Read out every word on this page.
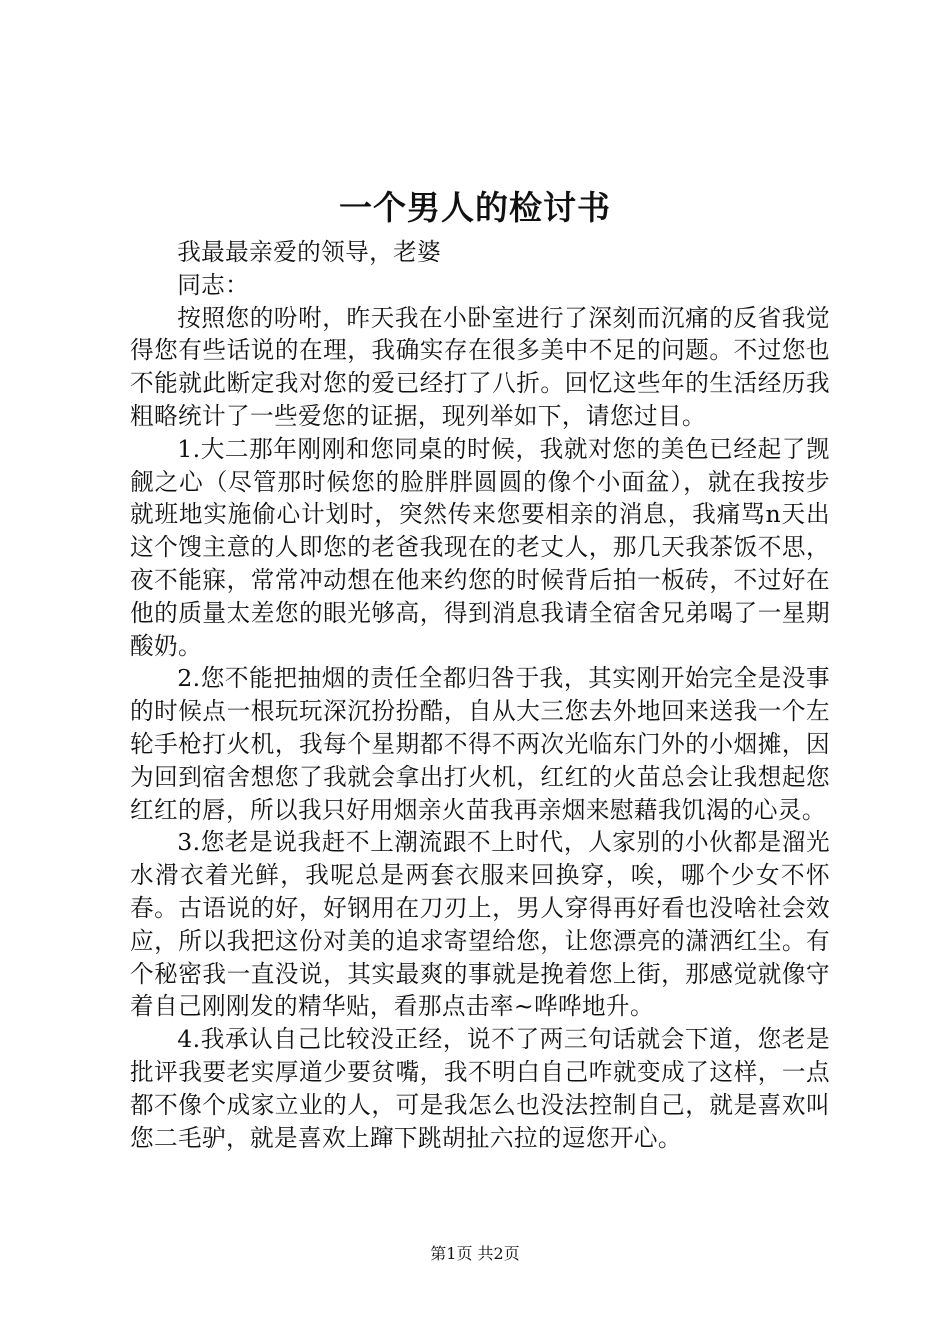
一个男人的检讨书

我最最亲爱的领导，老婆

同志：

按照您的吩咐，昨天我在小卧室进行了深刻而沉痛的反省我觉得您有些话说的在理，我确实存在很多美中不足的问题。不过您也不能就此断定我对您的爱已经打了八折。回忆这些年的生活经历我粗略统计了一些爱您的证据，现列举如下，请您过目。

1.大二那年刚刚和您同桌的时候，我就对您的美色已经起了觊觎之心（尽管那时候您的脸胖胖圆圆的像个小面盆），就在我按步就班地实施偷心计划时，突然传来您要相亲的消息，我痛骂n天出这个馊主意的人即您的老爸我现在的老丈人，那几天我茶饭不思，夜不能寐，常常冲动想在他来约您的时候背后拍一板砖，不过好在他的质量太差您的眼光够高，得到消息我请全宿舍兄弟喝了一星期酸奶。

2.您不能把抽烟的责任全都归咎于我，其实刚开始完全是没事的时候点一根玩玩深沉扮扮酷，自从大三您去外地回来送我一个左轮手枪打火机，我每个星期都不得不两次光临东门外的小烟摊，因为回到宿舍想您了我就会拿出打火机，红红的火苗总会让我想起您红红的唇，所以我只好用烟亲火苗我再亲烟来慰藉我饥渴的心灵。

3.您老是说我赶不上潮流跟不上时代，人家别的小伙都是溜光水滑衣着光鲜，我呢总是两套衣服来回换穿，唉，哪个少女不怀春。古语说的好，好钢用在刀刃上，男人穿得再好看也没啥社会效应，所以我把这份对美的追求寄望给您，让您漂亮的潇洒红尘。有个秘密我一直没说，其实最爽的事就是挽着您上街，那感觉就像守着自己刚刚发的精华贴，看那点击率~哗哗地升。

4.我承认自己比较没正经，说不了两三句话就会下道，您老是批评我要老实厚道少要贫嘴，我不明白自己咋就变成了这样，一点都不像个成家立业的人，可是我怎么也没法控制自己，就是喜欢叫您二毛驴，就是喜欢上蹿下跳胡扯六拉的逗您开心。

第1页 共2页
